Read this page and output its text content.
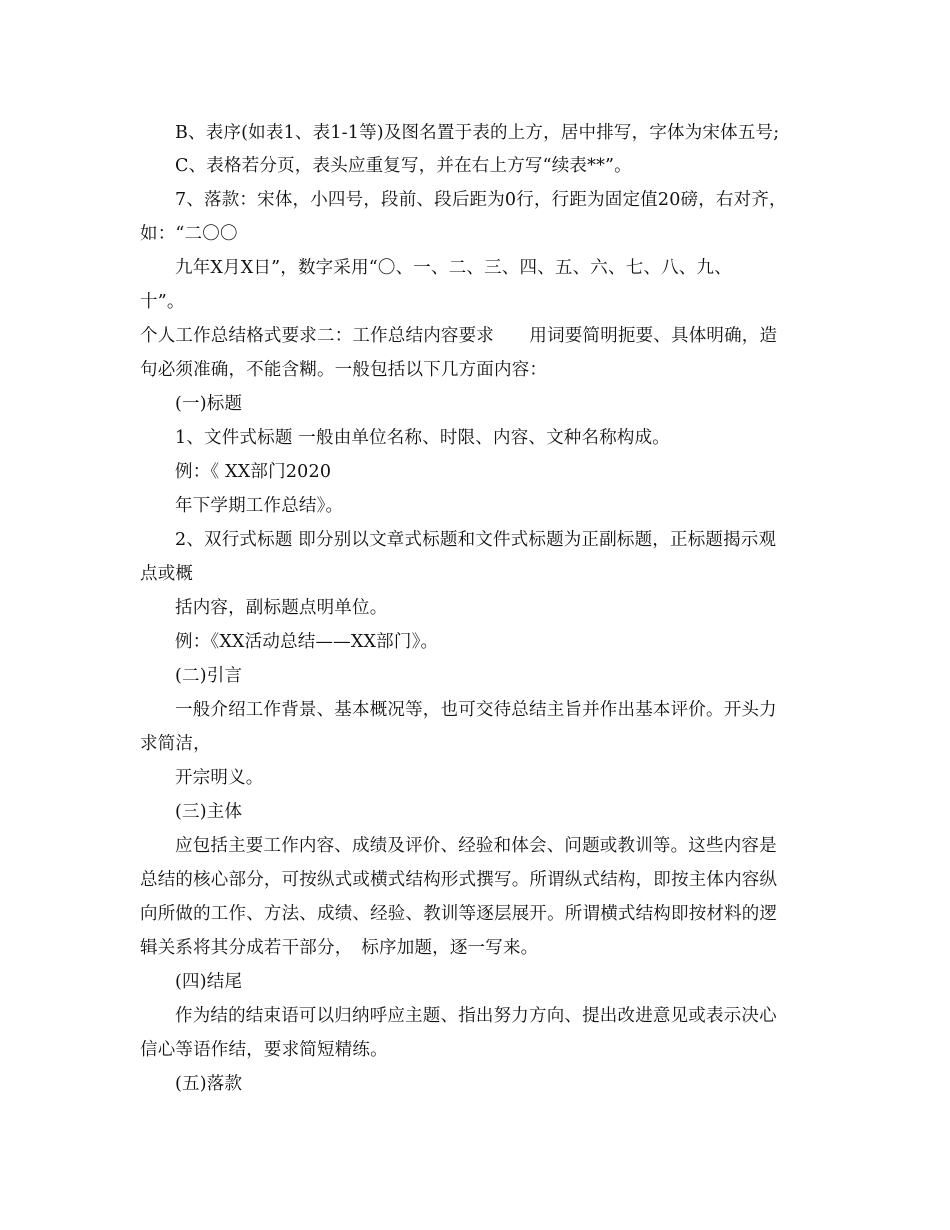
B、表序(如表1、表1-1等)及图名置于表的上方，居中排写，字体为宋体五号;
C、表格若分页，表头应重复写，并在右上方写“续表**”。
7、落款：宋体，小四号，段前、段后距为0行，行距为固定值20磅，右对齐，
如：“二〇〇
九年X月X日”，数字采用“〇、一、二、三、四、五、六、七、八、九、
十”。
个人工作总结格式要求二：工作总结内容要求　　用词要简明扼要、具体明确，造
句必须准确，不能含糊。一般包括以下几方面内容：
(一)标题
1、文件式标题 一般由单位名称、时限、内容、文种名称构成。
例：《 XX部门2020
年下学期工作总结》。
2、双行式标题 即分别以文章式标题和文件式标题为正副标题，正标题揭示观
点或概
括内容，副标题点明单位。
例：《XX活动总结——XX部门》。
(二)引言
一般介绍工作背景、基本概况等，也可交待总结主旨并作出基本评价。开头力
求简洁，
开宗明义。
(三)主体
应包括主要工作内容、成绩及评价、经验和体会、问题或教训等。这些内容是
总结的核心部分，可按纵式或横式结构形式撰写。所谓纵式结构，即按主体内容纵
向所做的工作、方法、成绩、经验、教训等逐层展开。所谓横式结构即按材料的逻
辑关系将其分成若干部分，　标序加题，逐一写来。
(四)结尾
作为结的结束语可以归纳呼应主题、指出努力方向、提出改进意见或表示决心
信心等语作结，要求简短精练。
(五)落款
